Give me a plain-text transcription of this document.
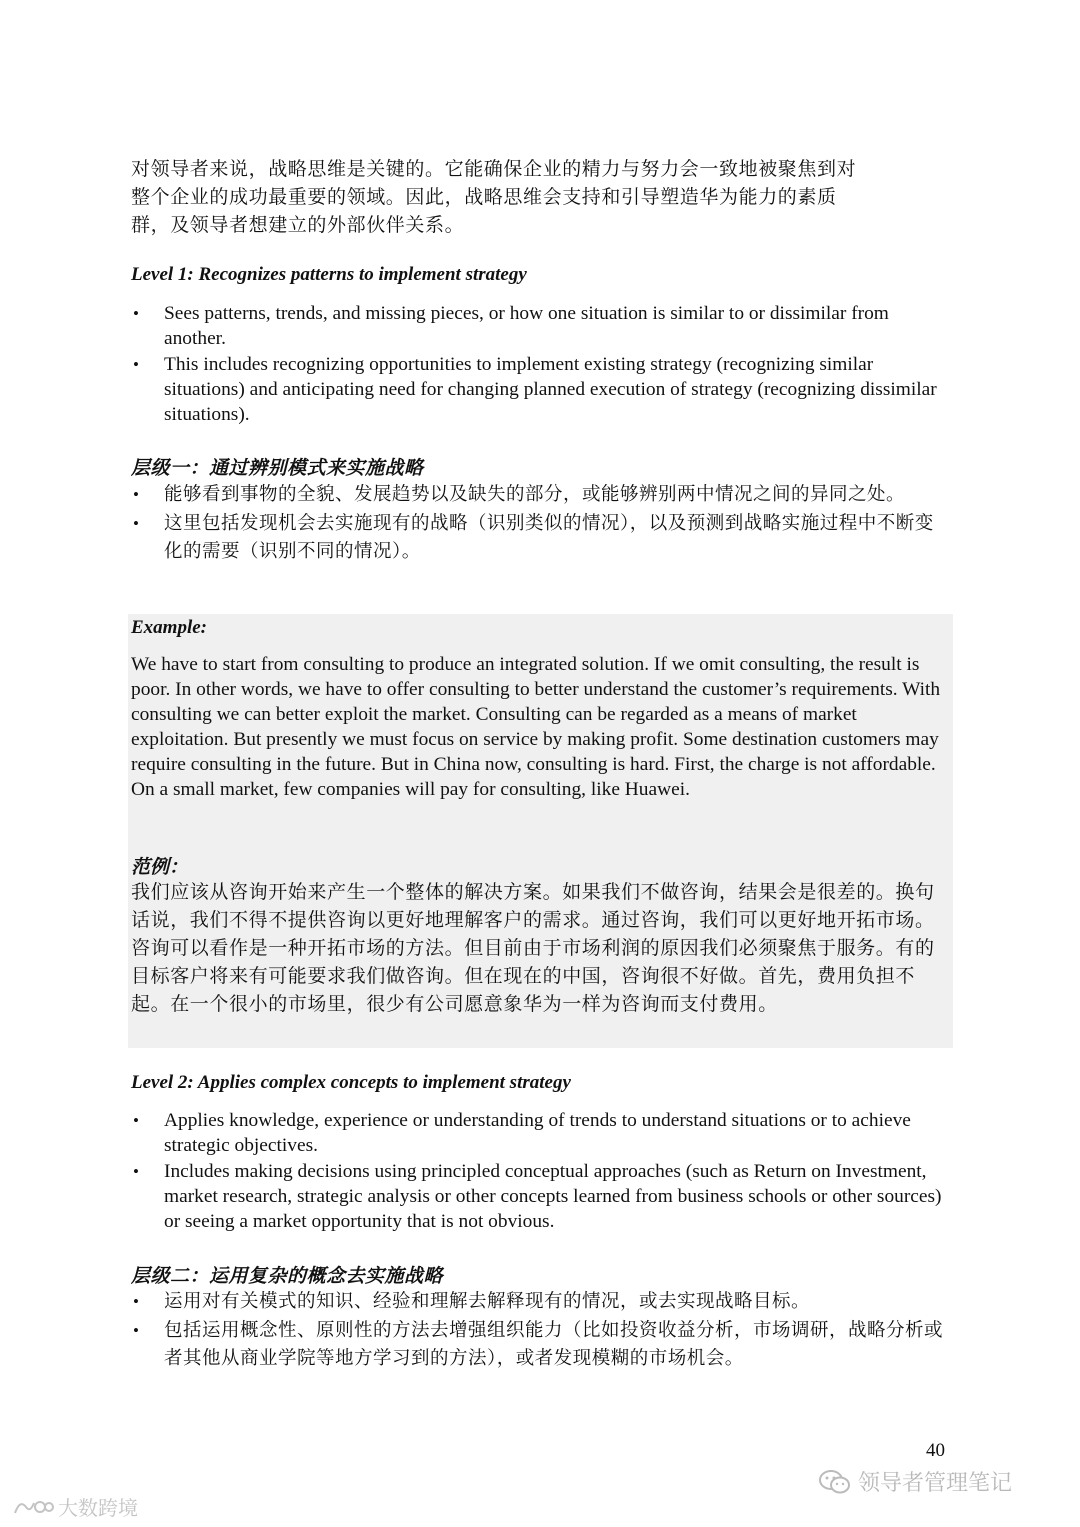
对领导者来说，战略思维是关键的。它能确保企业的精力与努力会一致地被聚焦到对
整个企业的成功最重要的领域。因此，战略思维会支持和引导塑造华为能力的素质
群，及领导者想建立的外部伙伴关系。
Level 1: Recognizes patterns to implement strategy
• Sees patterns, trends, and missing pieces, or how one situation is similar to or dissimilar from another.
• This includes recognizing opportunities to implement existing strategy (recognizing similar situations) and anticipating need for changing planned execution of strategy (recognizing dissimilar situations).
层级一：通过辨别模式来实施战略
• 能够看到事物的全貌、发展趋势以及缺失的部分，或能够辨别两中情况之间的异同之处。
• 这里包括发现机会去实施现有的战略（识别类似的情况），以及预测到战略实施过程中不断变化的需要（识别不同的情况）。
Example:
We have to start from consulting to produce an integrated solution. If we omit consulting, the result is poor. In other words, we have to offer consulting to better understand the customer’s requirements. With consulting we can better exploit the market. Consulting can be regarded as a means of market exploitation. But presently we must focus on service by making profit. Some destination customers may require consulting in the future. But in China now, consulting is hard. First, the charge is not affordable. On a small market, few companies will pay for consulting, like Huawei.
范例：
我们应该从咨询开始来产生一个整体的解决方案。如果我们不做咨询，结果会是很差的。换句话说，我们不得不提供咨询以更好地理解客户的需求。通过咨询，我们可以更好地开拓市场。咨询可以看作是一种开拓市场的方法。但目前由于市场利润的原因我们必须聚焦于服务。有的目标客户将来有可能要求我们做咨询。但在现在的中国，咨询很不好做。首先，费用负担不起。在一个很小的市场里，很少有公司愿意象华为一样为咨询而支付费用。
Level 2: Applies complex concepts to implement strategy
• Applies knowledge, experience or understanding of trends to understand situations or to achieve strategic objectives.
• Includes making decisions using principled conceptual approaches (such as Return on Investment, market research, strategic analysis or other concepts learned from business schools or other sources) or seeing a market opportunity that is not obvious.
层级二：运用复杂的概念去实施战略
• 运用对有关模式的知识、经验和理解去解释现有的情况，或去实现战略目标。
• 包括运用概念性、原则性的方法去增强组织能力（比如投资收益分析，市场调研，战略分析或者其他从商业学院等地方学习到的方法），或者发现模糊的市场机会。
40
领导者管理笔记
大数跨境
